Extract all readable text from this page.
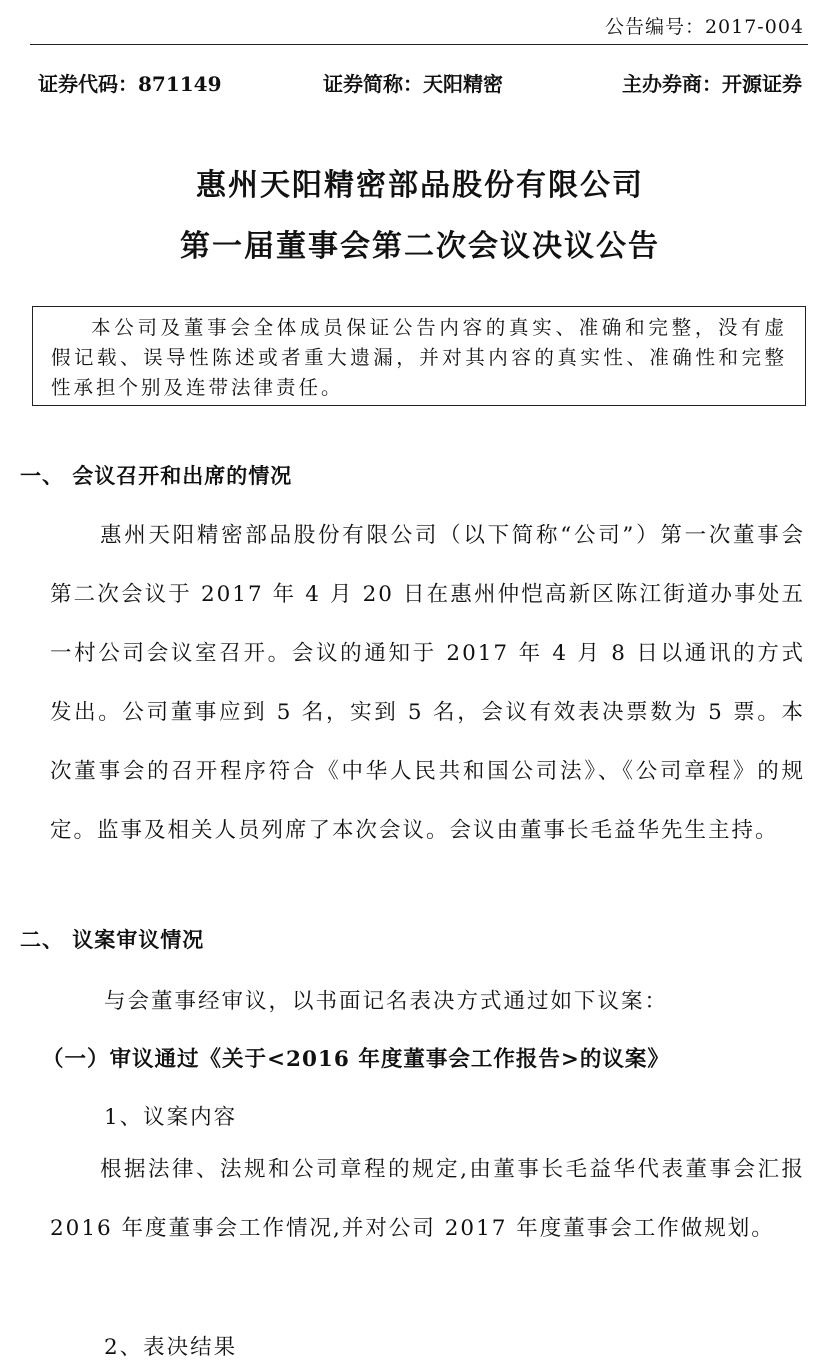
公告编号：2017-004
证券代码：871149	证券简称：天阳精密	主办券商：开源证券
惠州天阳精密部品股份有限公司
第一届董事会第二次会议决议公告
本公司及董事会全体成员保证公告内容的真实、准确和完整，没有虚假记载、误导性陈述或者重大遗漏，并对其内容的真实性、准确性和完整性承担个别及连带法律责任。
一、 会议召开和出席的情况
惠州天阳精密部品股份有限公司（以下简称“公司”）第一次董事会第二次会议于 2017 年 4 月 20 日在惠州仲恺高新区陈江街道办事处五一村公司会议室召开。会议的通知于 2017 年 4 月 8 日以通讯的方式发出。公司董事应到 5 名，实到 5 名，会议有效表决票数为 5 票。本次董事会的召开程序符合《中华人民共和国公司法》、《公司章程》的规定。监事及相关人员列席了本次会议。会议由董事长毛益华先生主持。
二、 议案审议情况
与会董事经审议，以书面记名表决方式通过如下议案：
（一）审议通过《关于<2016 年度董事会工作报告>的议案》
1、议案内容
根据法律、法规和公司章程的规定,由董事长毛益华代表董事会汇报 2016 年度董事会工作情况,并对公司 2017 年度董事会工作做规划。
2、表决结果
